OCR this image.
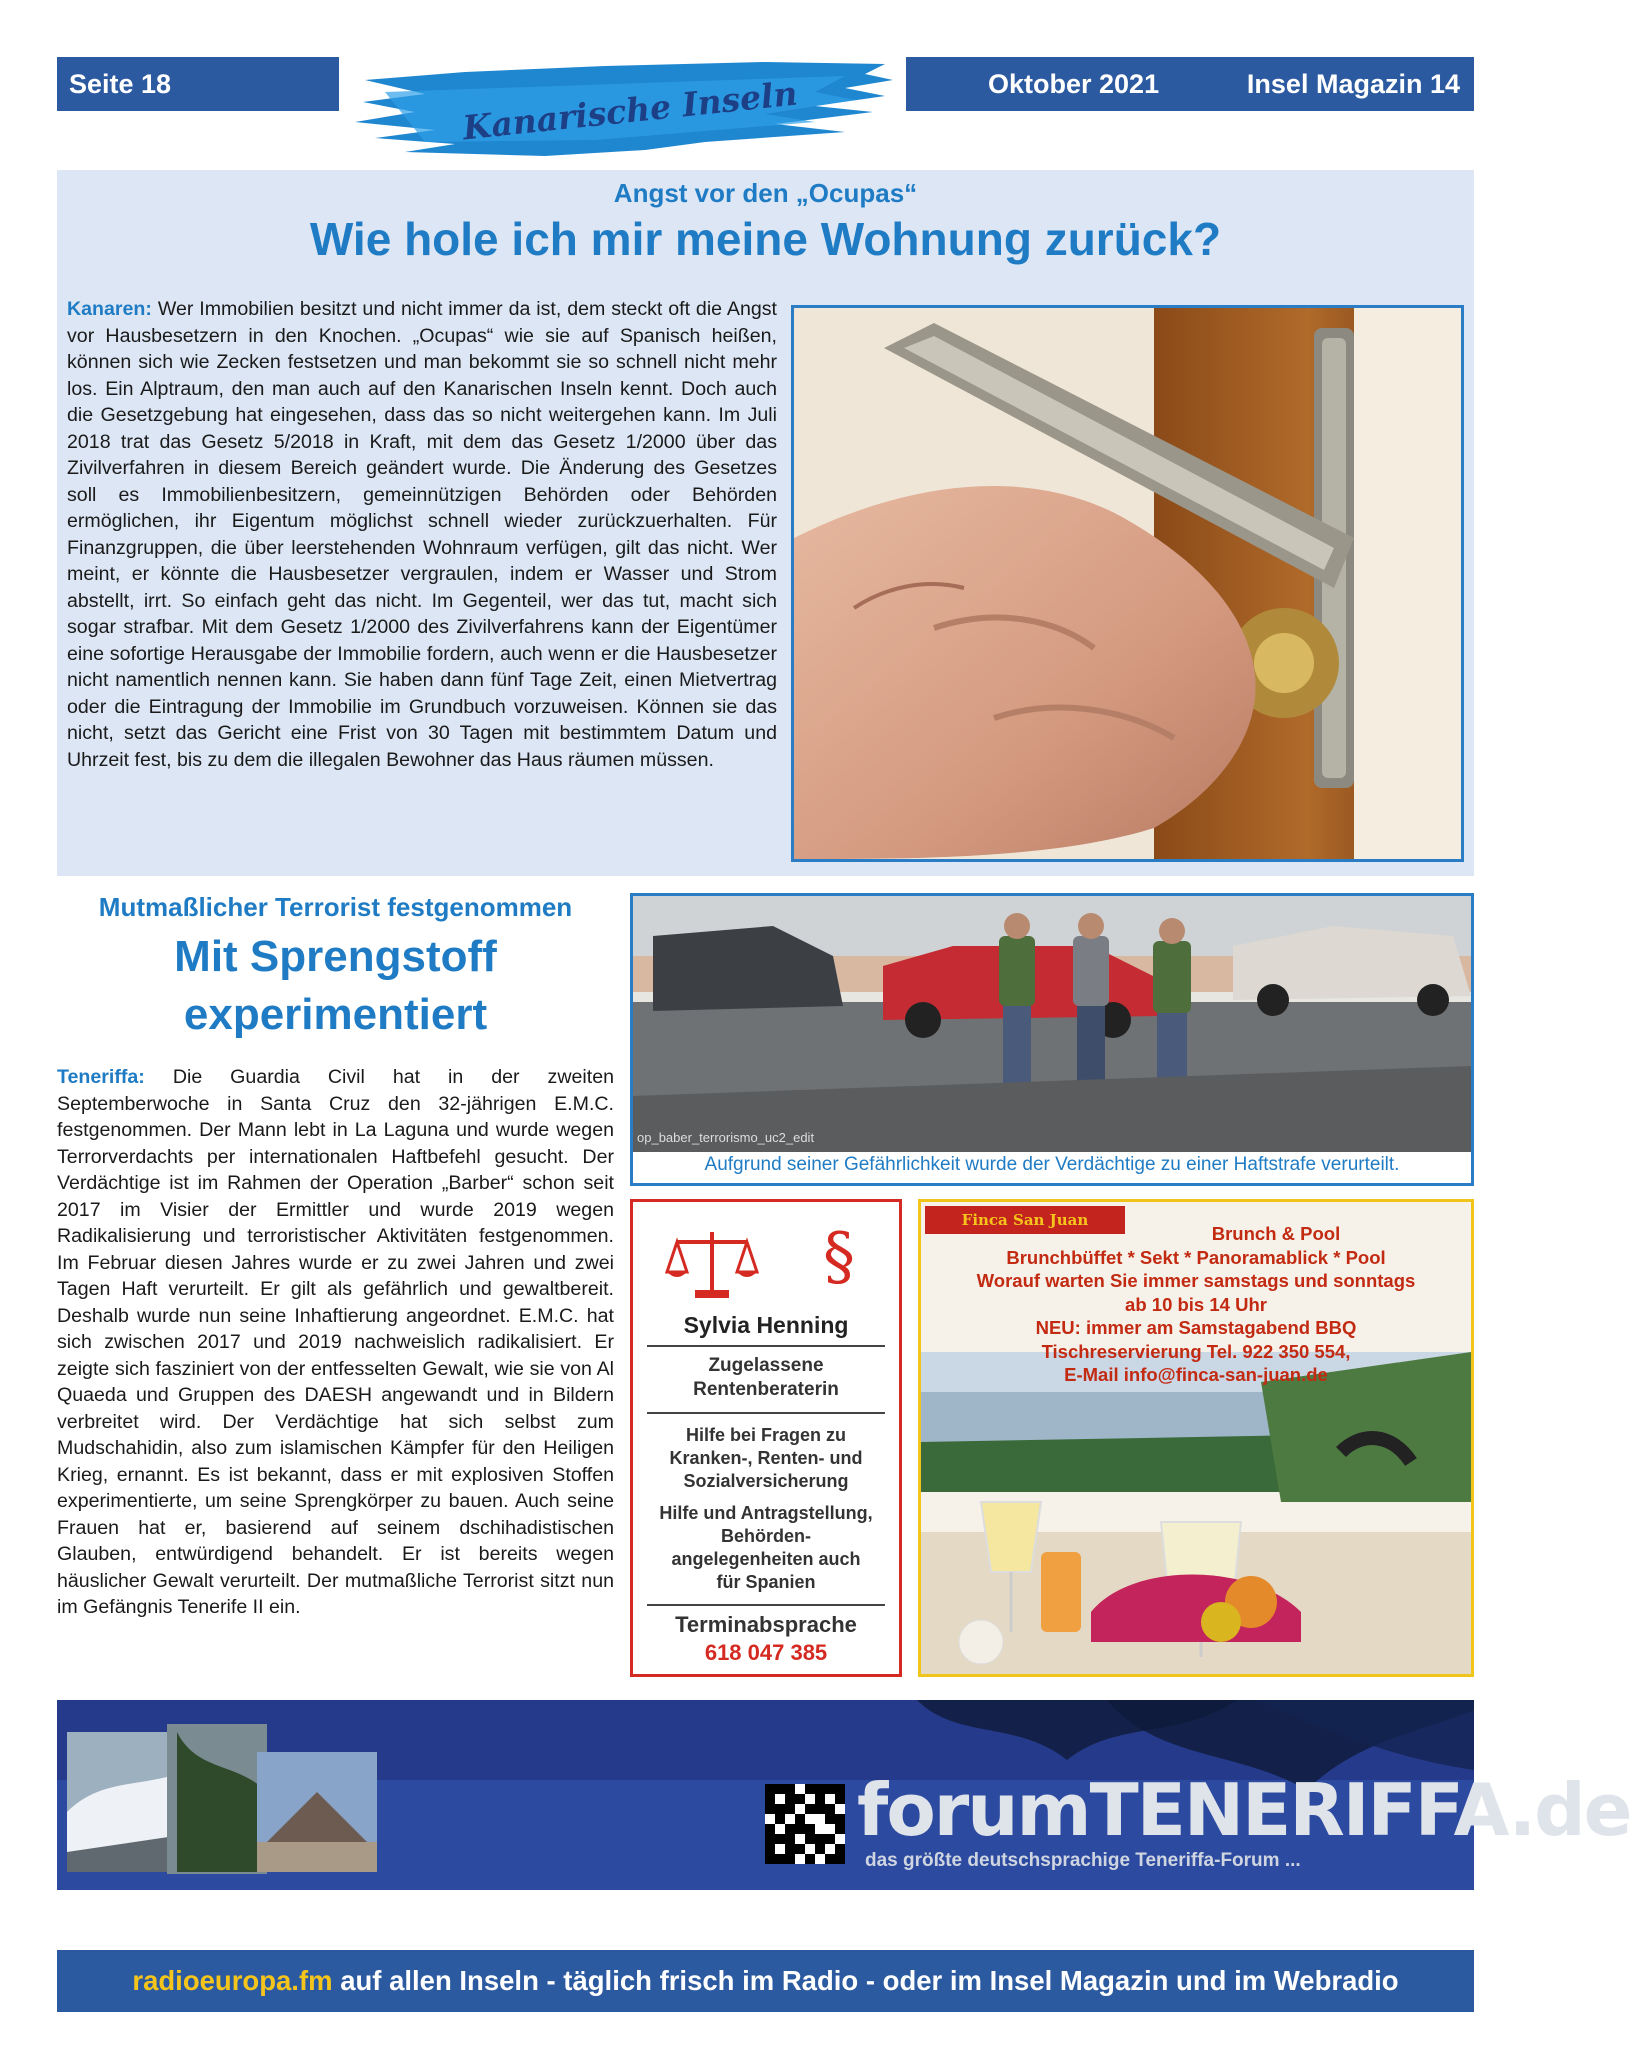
Seite 18	Kanarische Inseln	Oktober 2021	Insel Magazin 14
Angst vor den „Ocupas“
Wie hole ich mir meine Wohnung zurück?
Kanaren: Wer Immobilien besitzt und nicht immer da ist, dem steckt oft die Angst vor Hausbesetzern in den Knochen. „Ocupas“ wie sie auf Spanisch heißen, können sich wie Zecken festsetzen und man bekommt sie so schnell nicht mehr los. Ein Alptraum, den man auch auf den Kanarischen Inseln kennt. Doch auch die Gesetzgebung hat eingesehen, dass das so nicht weitergehen kann. Im Juli 2018 trat das Gesetz 5/2018 in Kraft, mit dem das Gesetz 1/2000 über das Zivilverfahren in diesem Bereich geändert wurde. Die Änderung des Gesetzes soll es Immobilienbesitzern, gemeinnützigen Behörden oder Behörden ermöglichen, ihr Eigentum möglichst schnell wieder zurückzuerhalten. Für Finanzgruppen, die über leerstehenden Wohnraum verfügen, gilt das nicht. Wer meint, er könnte die Hausbesetzer vergraulen, indem er Wasser und Strom abstellt, irrt. So einfach geht das nicht. Im Gegenteil, wer das tut, macht sich sogar strafbar. Mit dem Gesetz 1/2000 des Zivilverfahrens kann der Eigentümer eine sofortige Herausgabe der Immobilie fordern, auch wenn er die Hausbesetzer nicht namentlich nennen kann. Sie haben dann fünf Tage Zeit, einen Mietvertrag oder die Eintragung der Immobilie im Grundbuch vorzuweisen. Können sie das nicht, setzt das Gericht eine Frist von 30 Tagen mit bestimmtem Datum und Uhrzeit fest, bis zu dem die illegalen Bewohner das Haus räumen müssen.
Mutmaßlicher Terrorist festgenommen
Mit Sprengstoff
experimentiert
Teneriffa: Die Guardia Civil hat in der zweiten Septemberwoche in Santa Cruz den 32-jährigen E.M.C. festgenommen. Der Mann lebt in La Laguna und wurde wegen Terrorverdachts per internationalen Haftbefehl gesucht. Der Verdächtige ist im Rahmen der Operation „Barber“ schon seit 2017 im Visier der Ermittler und wurde 2019 wegen Radikalisierung und terroristischer Aktivitäten festgenommen. Im Februar diesen Jahres wurde er zu zwei Jahren und zwei Tagen Haft verurteilt. Er gilt als gefährlich und gewaltbereit. Deshalb wurde nun seine Inhaftierung angeordnet. E.M.C. hat sich zwischen 2017 und 2019 nachweislich radikalisiert. Er zeigte sich fasziniert von der entfesselten Gewalt, wie sie von Al Quaeda und Gruppen des DAESH angewandt und in Bildern verbreitet wird. Der Verdächtige hat sich selbst zum Mudschahidin, also zum islamischen Kämpfer für den Heiligen Krieg, ernannt. Es ist bekannt, dass er mit explosiven Stoffen experimentierte, um seine Sprengkörper zu bauen. Auch seine Frauen hat er, basierend auf seinem dschihadistischen Glauben, entwürdigend behandelt. Er ist bereits wegen häuslicher Gewalt verurteilt. Der mutmaßliche Terrorist sitzt nun im Gefängnis Tenerife II ein.
op_baber_terrorismo_uc2_edit
Aufgrund seiner Gefährlichkeit wurde der Verdächtige zu einer Haftstrafe verurteilt.
§
Sylvia Henning
Zugelassene
Rentenberaterin
Hilfe bei Fragen zu
Kranken-, Renten- und
Sozialversicherung
Hilfe und Antragstellung,
Behörden-
angelegenheiten auch
für Spanien
Terminabsprache
618 047 385
Finca San Juan
Brunch & Pool
Brunchbüffet * Sekt * Panoramablick * Pool
Worauf warten Sie immer samstags und sonntags
ab 10 bis 14 Uhr
NEU: immer am Samstagabend BBQ
Tischreservierung Tel. 922 350 554,
E-Mail info@finca-san-juan.de
forumTENERIFFA.de
das größte deutschsprachige Teneriffa-Forum ...
radioeuropa.fm auf allen Inseln - täglich frisch im Radio - oder im Insel Magazin und im Webradio
